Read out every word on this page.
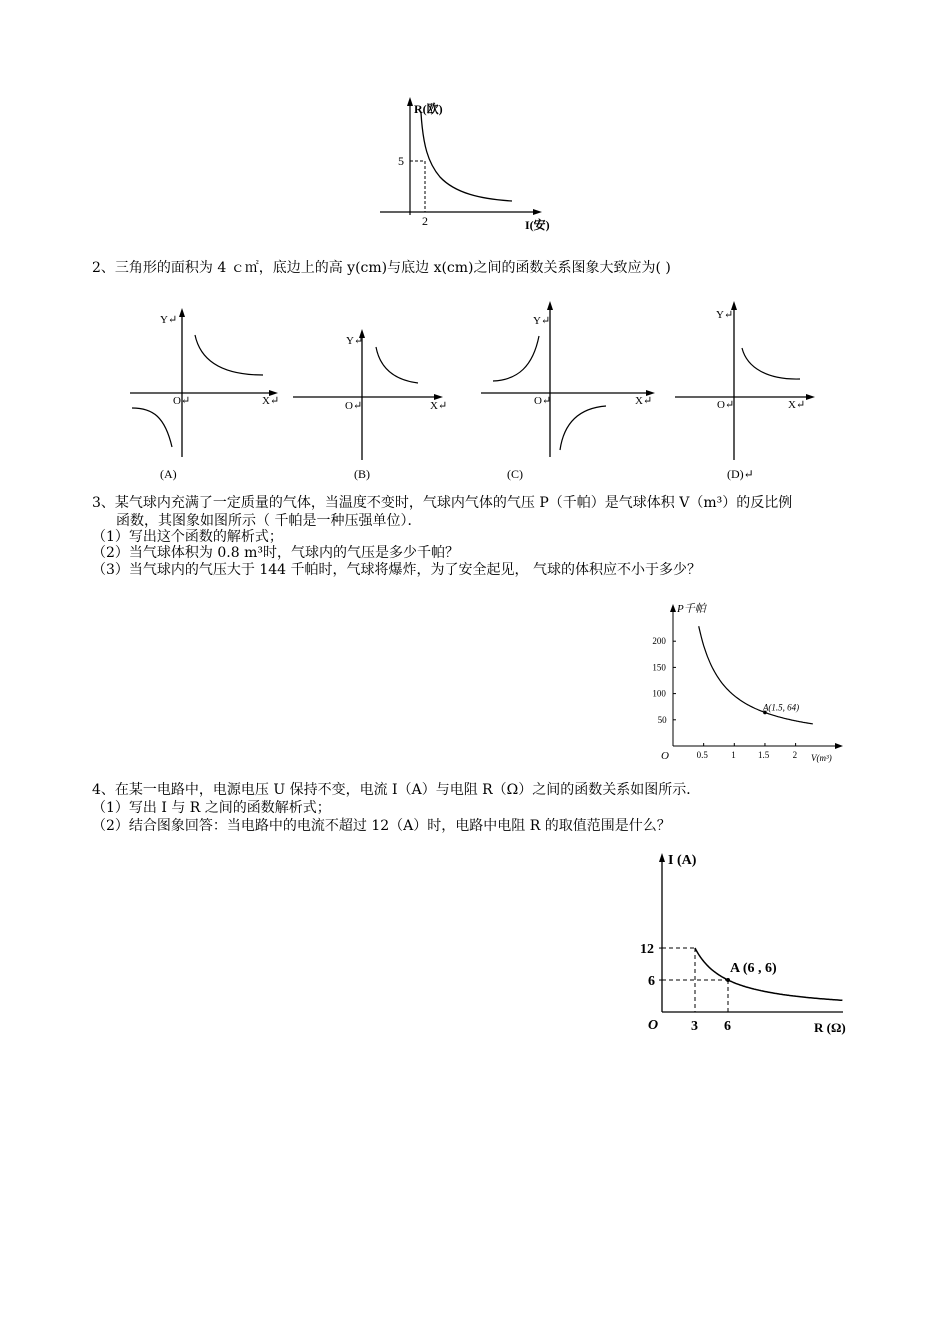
R(欧)
I(安)
5
2
2、三角形的面积为 4 ｃ㎡，底边上的高 y(cm)与底边 x(cm)之间的函数关系图象大致应为( )
Y↵
X↵
O↵
(A)
Y↵
X↵
O↵
(B)
Y↵
X↵
O↵
(C)
Y↵
X↵
O↵
(D)↵
3、某气球内充满了一定质量的气体，当温度不变时，气球内气体的气压 P（千帕）是气球体积 V（m³）的反比例
函数，其图象如图所示（ 千帕是一种压强单位）．
（1）写出这个函数的解析式；
（2）当气球体积为 0.8 m³时，气球内的气压是多少千帕？
（3）当气球内的气压大于 144 千帕时，气球将爆炸，为了安全起见， 气球的体积应不小于多少？
0.5	1 1.5	2
50
100
150
200
P千帕
V(m³)
O
A(1.5, 64)
4、在某一电路中，电源电压 U 保持不变，电流 I（A）与电阻 R（Ω）之间的函数关系如图所示．
（1）写出 I 与 R 之间的函数解析式；
（2）结合图象回答：当电路中的电流不超过 12（A）时，电路中电阻 R 的取值范围是什么？
3 6
6
12
I (A)
R (Ω)
O
A (6 , 6)
